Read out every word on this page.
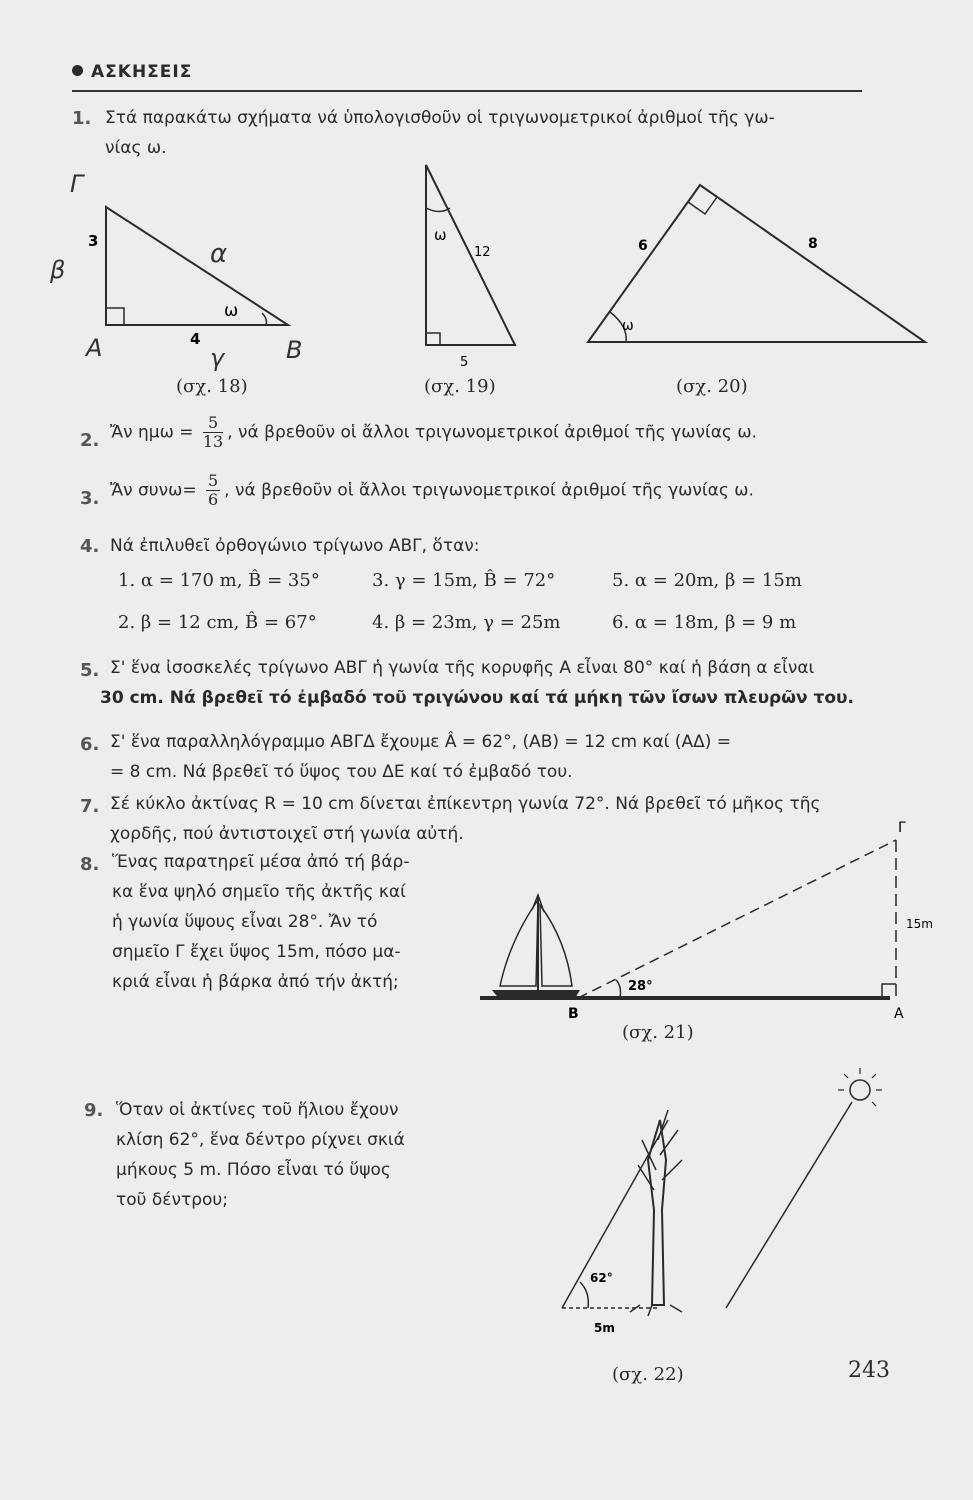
ΑΣΚΗΣΕΙΣ
1. Στά παρακάτω σχήματα νά ὑπολογισθοῦν οἱ τριγωνομετρικοί ἀριθμοί τῆς γω-
νίας ω.
3
4
ω
Γ
β
α
Α	γ	Β
ω
12
5
6	8
ω
(σχ. 18)	(σχ. 19)	(σχ. 20)
2. Ἄν $\eta\mu\omega = \frac{5}{13}$ , νά βρεθοῦν οἱ ἄλλοι τριγωνομετρικοί ἀριθμοί τῆς γωνίας ω.
3. Ἄν $\sigma\upsilon\nu\omega= \frac{5}{6}$ , νά βρεθοῦν οἱ ἄλλοι τριγωνομετρικοί ἀριθμοί τῆς γωνίας ω.
4. Νά ἐπιλυθεῖ ὀρθογώνιο τρίγωνο ΑΒΓ, ὅταν:
1. α = 170 m, B̂ = 35°	3. γ = 15m, B̂ = 72°	5. α = 20m, β = 15m
2. β = 12 cm, B̂ = 67°	4. β = 23m, γ = 25m	6. α = 18m, β = 9 m
5. Σ' ἕνα ἰσοσκελές τρίγωνο ΑΒΓ ἡ γωνία τῆς κορυφῆς Α εἶναι 80° καί ἡ βάση α εἶναι
30 cm. Νά βρεθεῖ τό ἐμβαδό τοῦ τριγώνου καί τά μήκη τῶν ἴσων πλευρῶν του.
6. Σ' ἕνα παραλληλόγραμμο ΑΒΓΔ ἔχουμε Â = 62°, (ΑΒ) = 12 cm καί (ΑΔ) =
= 8 cm. Νά βρεθεῖ τό ὕψος του ΔΕ καί τό ἐμβαδό του.
7. Σέ κύκλο ἀκτίνας R = 10 cm δίνεται ἐπίκεντρη γωνία 72°. Νά βρεθεῖ τό μῆκος τῆς
χορδῆς, πού ἀντιστοιχεῖ στή γωνία αὐτή.
8. Ἕνας παρατηρεῖ μέσα ἀπό τή βάρ-
κα ἕνα ψηλό σημεῖο τῆς ἀκτῆς καί
ἡ γωνία ὕψους εἶναι 28°. Ἄν τό
σημεῖο Γ ἔχει ὕψος 15m, πόσο μα-
κριά εἶναι ἡ βάρκα ἀπό τήν ἀκτή;	28°
15m
Β	Α
Γ
(σχ. 21)
9. Ὅταν οἱ ἀκτίνες τοῦ ἥλιου ἔχουν
κλίση 62°, ἕνα δέντρο ρίχνει σκιά
μήκους 5 m. Πόσο εἶναι τό ὕψος
τοῦ δέντρου;
62°
5m
(σχ. 22)	243
